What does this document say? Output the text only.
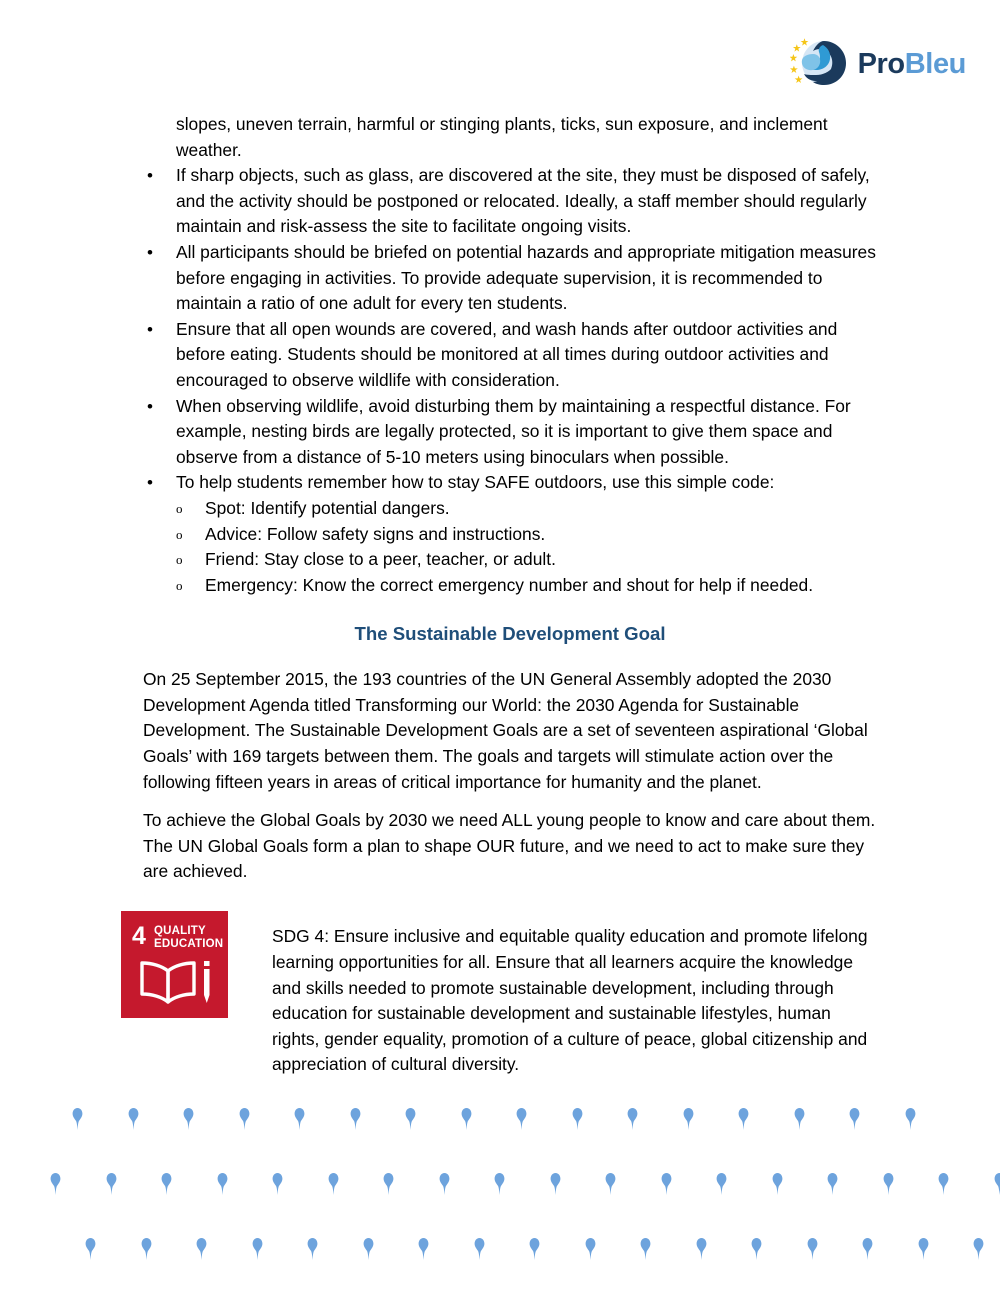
ProBleu

slopes, uneven terrain, harmful or stinging plants, ticks, sun exposure, and inclement weather.

• If sharp objects, such as glass, are discovered at the site, they must be disposed of safely, and the activity should be postponed or relocated. Ideally, a staff member should regularly maintain and risk-assess the site to facilitate ongoing visits.
• All participants should be briefed on potential hazards and appropriate mitigation measures before engaging in activities. To provide adequate supervision, it is recommended to maintain a ratio of one adult for every ten students.
• Ensure that all open wounds are covered, and wash hands after outdoor activities and before eating. Students should be monitored at all times during outdoor activities and encouraged to observe wildlife with consideration.
• When observing wildlife, avoid disturbing them by maintaining a respectful distance. For example, nesting birds are legally protected, so it is important to give them space and observe from a distance of 5-10 meters using binoculars when possible.
• To help students remember how to stay SAFE outdoors, use this simple code:
o Spot: Identify potential dangers.
o Advice: Follow safety signs and instructions.
o Friend: Stay close to a peer, teacher, or adult.
o Emergency: Know the correct emergency number and shout for help if needed.
The Sustainable Development Goal

On 25 September 2015, the 193 countries of the UN General Assembly adopted the 2030 Development Agenda titled Transforming our World: the 2030 Agenda for Sustainable Development. The Sustainable Development Goals are a set of seventeen aspirational ‘Global Goals’ with 169 targets between them. The goals and targets will stimulate action over the following fifteen years in areas of critical importance for humanity and the planet.

To achieve the Global Goals by 2030 we need ALL young people to know and care about them. The UN Global Goals form a plan to shape OUR future, and we need to act to make sure they are achieved.

4 QUALITY
EDUCATION	SDG 4: Ensure inclusive and equitable quality education and promote lifelong learning opportunities for all. Ensure that all learners acquire the knowledge and skills needed to promote sustainable development, including through education for sustainable development and sustainable lifestyles, human rights, gender equality, promotion of a culture of peace, global citizenship and appreciation of cultural diversity.
